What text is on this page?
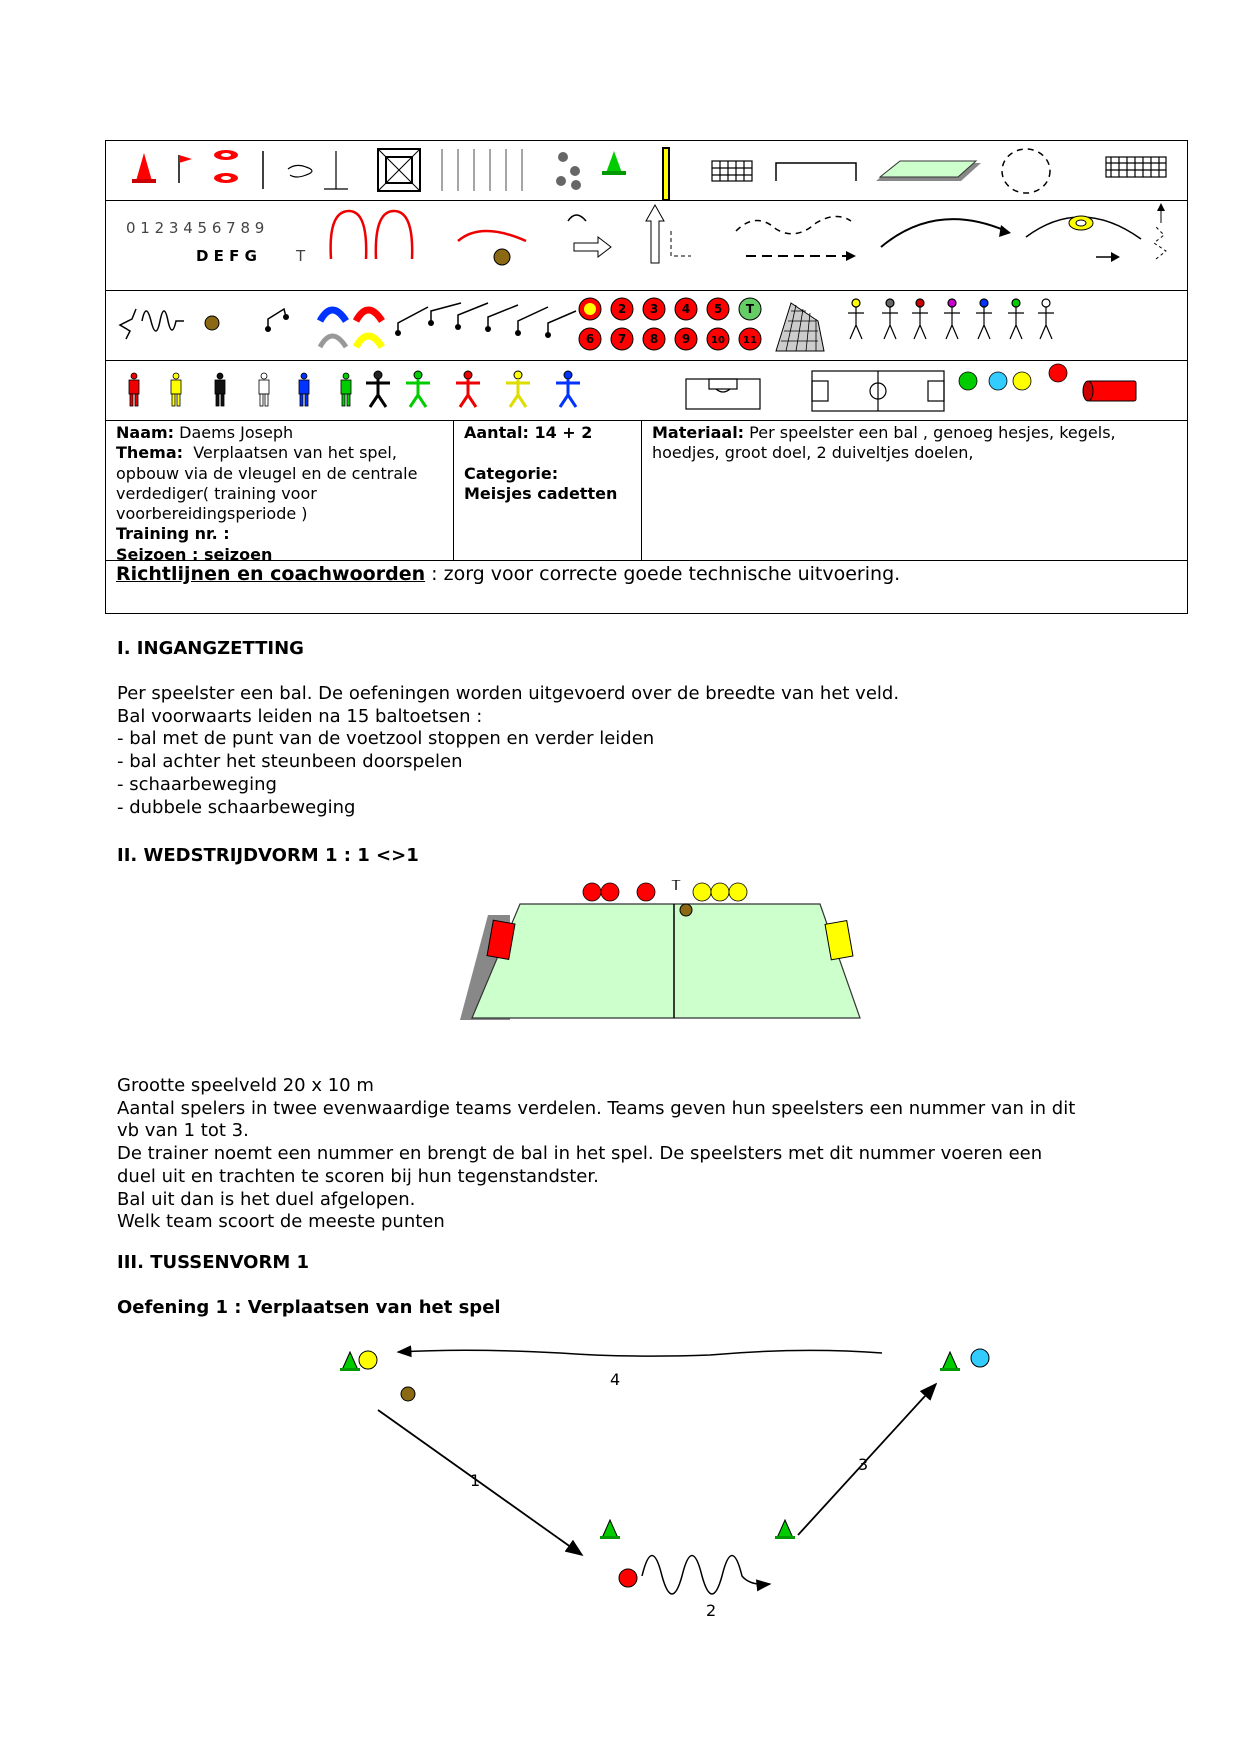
0 1 2 3 4 5 6 7 8 9
D E F G	T
2 3 4 5 T
6 7 8 9 10 11
Naam: Daems Joseph
Thema: Verplaatsen van het spel, opbouw via de vleugel en de centrale verdediger( training voor voorbereidingsperiode )
Training nr. :
Seizoen : seizoen
Aantal: 14 + 2

Categorie:
Meisjes cadetten
Materiaal: Per speelster een bal , genoeg hesjes, kegels, hoedjes, groot doel, 2 duiveltjes doelen,
Richtlijnen en coachwoorden : zorg voor correcte goede technische uitvoering.
I. INGANGZETTING
Per speelster een bal. De oefeningen worden uitgevoerd over de breedte van het veld.
Bal voorwaarts leiden na 15 baltoetsen :
- bal met de punt van de voetzool stoppen en verder leiden
- bal achter het steunbeen doorspelen
- schaarbeweging
- dubbele schaarbeweging
II. WEDSTRIJDVORM 1 : 1 <>1
T
Grootte speelveld 20 x 10 m
Aantal spelers in twee evenwaardige teams verdelen. Teams geven hun speelsters een nummer van in dit
vb van 1 tot 3.
De trainer noemt een nummer en brengt de bal in het spel. De speelsters met dit nummer voeren een
duel uit en trachten te scoren bij hun tegenstandster.
Bal uit dan is het duel afgelopen.
Welk team scoort de meeste punten
III. TUSSENVORM 1
Oefening 1 : Verplaatsen van het spel
1
2
3
4
